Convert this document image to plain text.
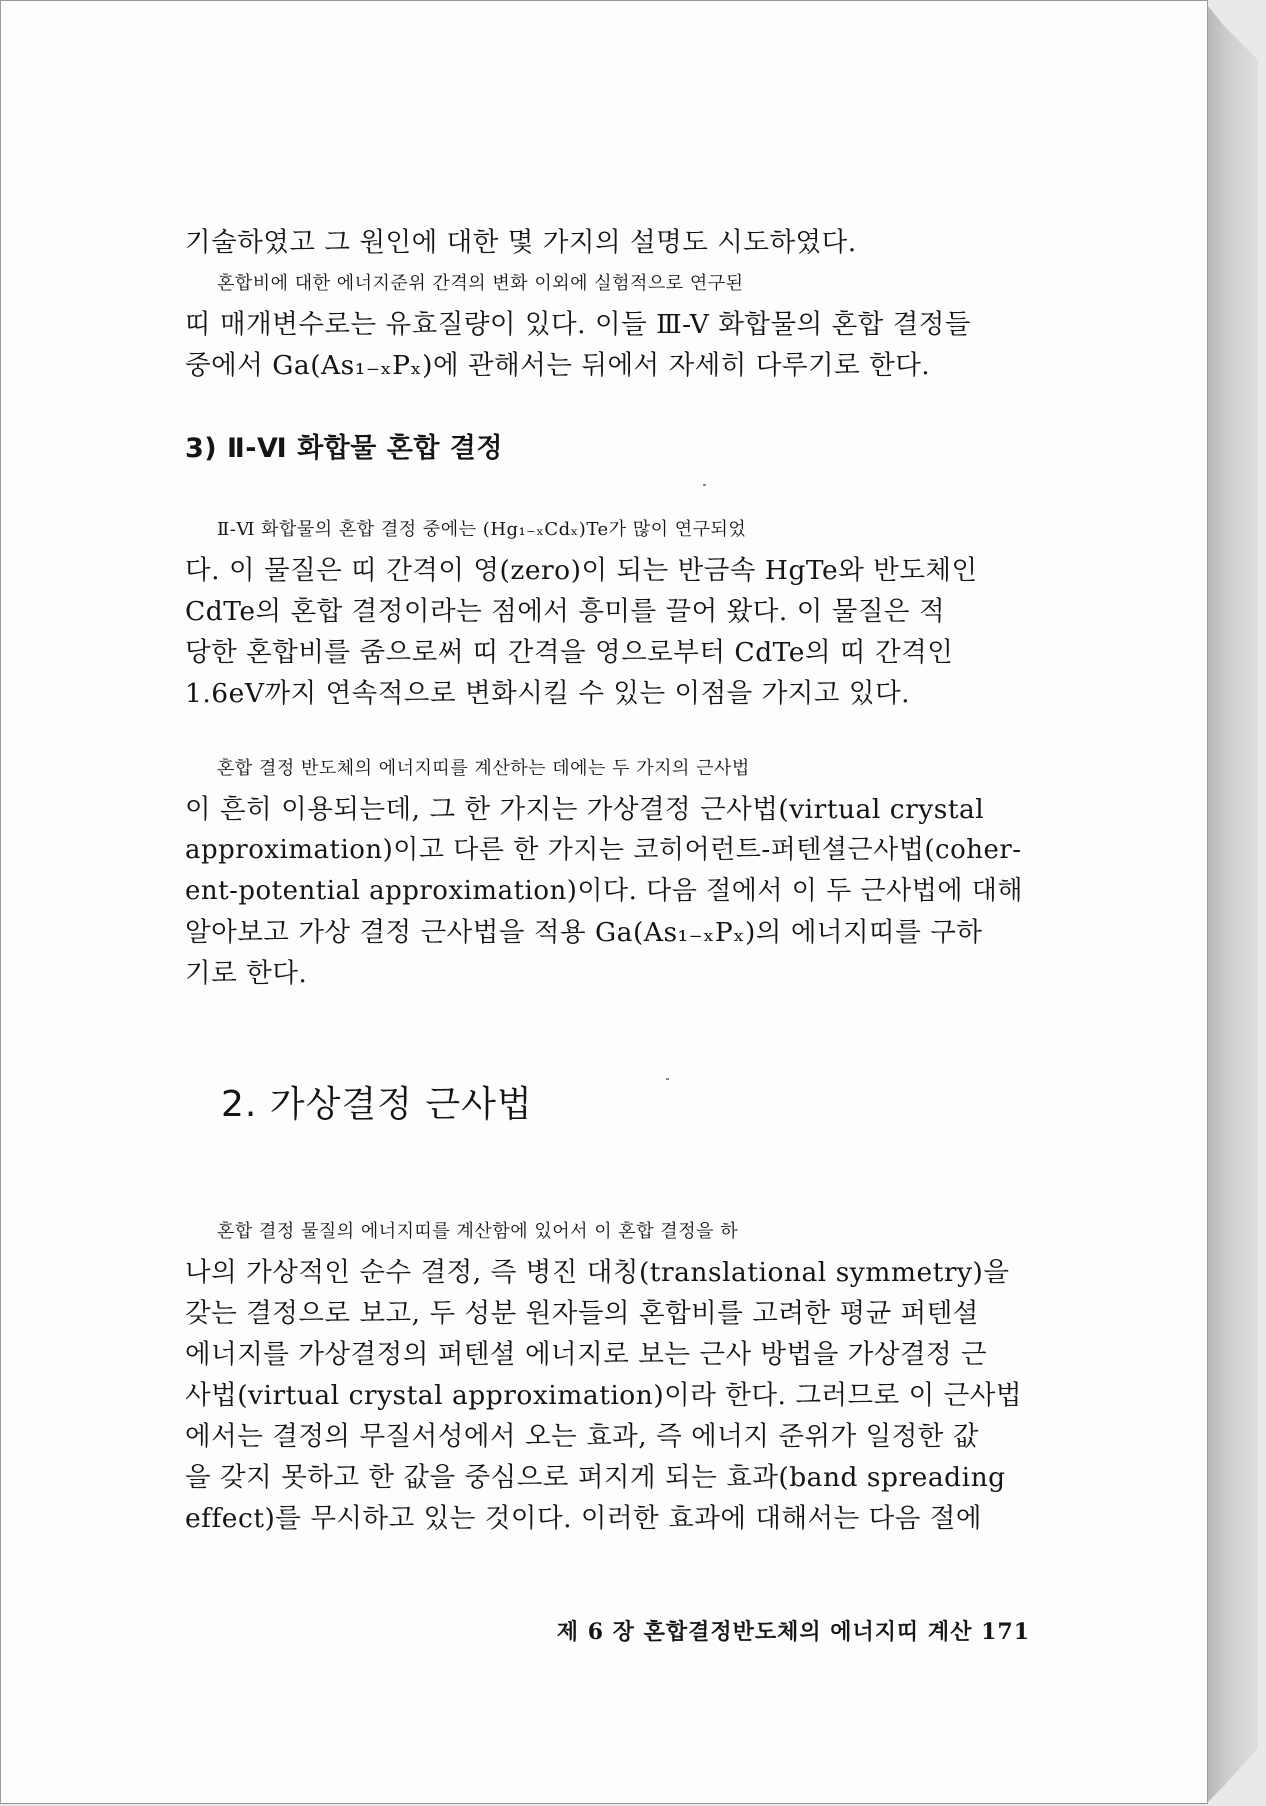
기술하였고 그 원인에 대한 몇 가지의 설명도 시도하였다.

혼합비에 대한 에너지준위 간격의 변화 이외에 실험적으로 연구된
띠 매개변수로는 유효질량이 있다. 이들 Ⅲ-V 화합물의 혼합 결정들
중에서 Ga(As₁₋ₓPₓ)에 관해서는 뒤에서 자세히 다루기로 한다.

3) Ⅱ-Ⅵ 화합물 혼합 결정

Ⅱ-Ⅵ 화합물의 혼합 결정 중에는 (Hg₁₋ₓCdₓ)Te가 많이 연구되었
다. 이 물질은 띠 간격이 영(zero)이 되는 반금속 HgTe와 반도체인
CdTe의 혼합 결정이라는 점에서 흥미를 끌어 왔다. 이 물질은 적
당한 혼합비를 줌으로써 띠 간격을 영으로부터 CdTe의 띠 간격인
1.6eV까지 연속적으로 변화시킬 수 있는 이점을 가지고 있다.

혼합 결정 반도체의 에너지띠를 계산하는 데에는 두 가지의 근사법
이 흔히 이용되는데, 그 한 가지는 가상결정 근사법(virtual crystal
approximation)이고 다른 한 가지는 코히어런트-퍼텐셜근사법(coher-
ent-potential approximation)이다. 다음 절에서 이 두 근사법에 대해
알아보고 가상 결정 근사법을 적용 Ga(As₁₋ₓPₓ)의 에너지띠를 구하
기로 한다.

2. 가상결정 근사법

혼합 결정 물질의 에너지띠를 계산함에 있어서 이 혼합 결정을 하
나의 가상적인 순수 결정, 즉 병진 대칭(translational symmetry)을
갖는 결정으로 보고, 두 성분 원자들의 혼합비를 고려한 평균 퍼텐셜
에너지를 가상결정의 퍼텐셜 에너지로 보는 근사 방법을 가상결정 근
사법(virtual crystal approximation)이라 한다. 그러므로 이 근사법
에서는 결정의 무질서성에서 오는 효과, 즉 에너지 준위가 일정한 값
을 갖지 못하고 한 값을 중심으로 퍼지게 되는 효과(band spreading
effect)를 무시하고 있는 것이다. 이러한 효과에 대해서는 다음 절에

제 6 장 혼합결정반도체의 에너지띠 계산 171
